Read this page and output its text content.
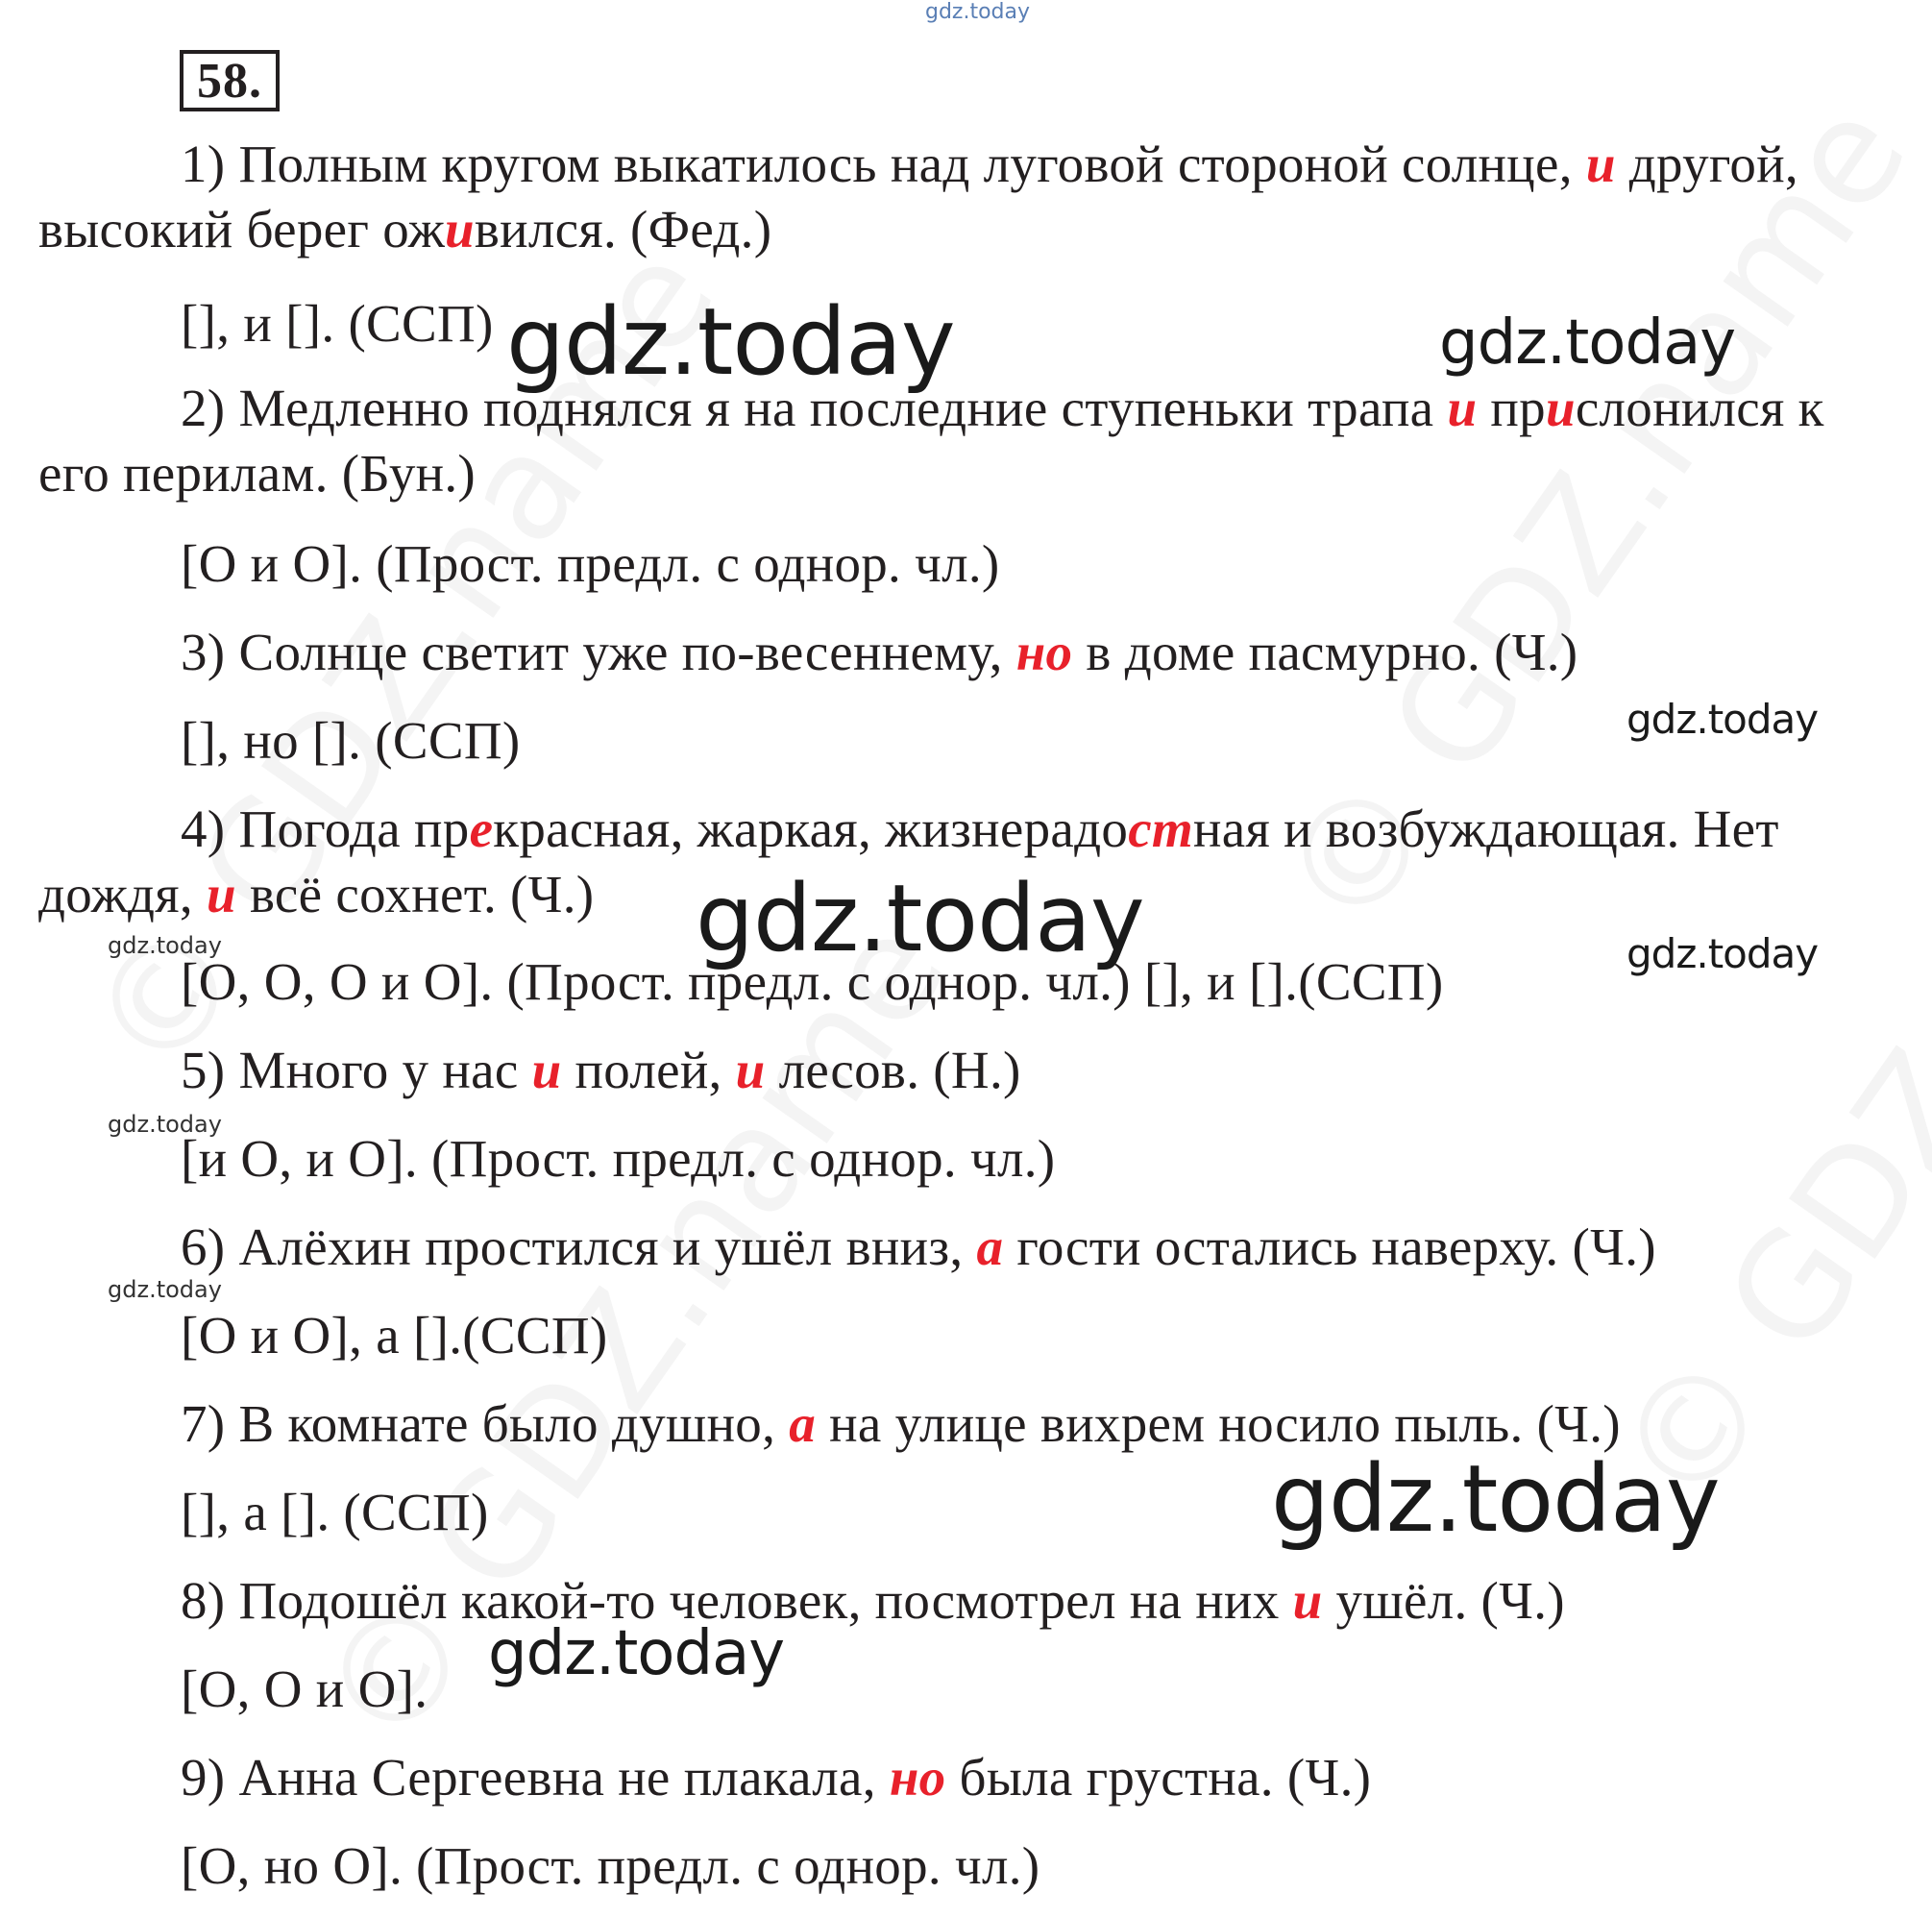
gdz.today
58.
1) Полным кругом выкатилось над луговой стороной солнце, и другой,
высокий берег оживился. (Фед.)
[], и []. (ССП)
2) Медленно поднялся я на последние ступеньки трапа и прислонился к
его перилам. (Бун.)
[О и О]. (Прост. предл. с однор. чл.)
3) Солнце светит уже по-весеннему, но в доме пасмурно. (Ч.)
[], но []. (ССП)
4) Погода прекрасная, жаркая, жизнерадостная и возбуждающая. Нет
дождя, и всё сохнет. (Ч.)
[О, О, О и О]. (Прост. предл. с однор. чл.) [], и [].(ССП)
5) Много у нас и полей, и лесов. (Н.)
[и О, и О]. (Прост. предл. с однор. чл.)
6) Алёхин простился и ушёл вниз, а гости остались наверху. (Ч.)
[О и О], а [].(ССП)
7) В комнате было душно, а на улице вихрем носило пыль. (Ч.)
[], а []. (ССП)
8) Подошёл какой-то человек, посмотрел на них и ушёл. (Ч.)
[О, О и О].
9) Анна Сергеевна не плакала, но была грустна. (Ч.)
[О, но О]. (Прост. предл. с однор. чл.)
gdz.today	gdz.today
gdz.today
gdz.today
gdz.today	gdz.today
gdz.today
gdz.today
gdz.today
gdz.today
